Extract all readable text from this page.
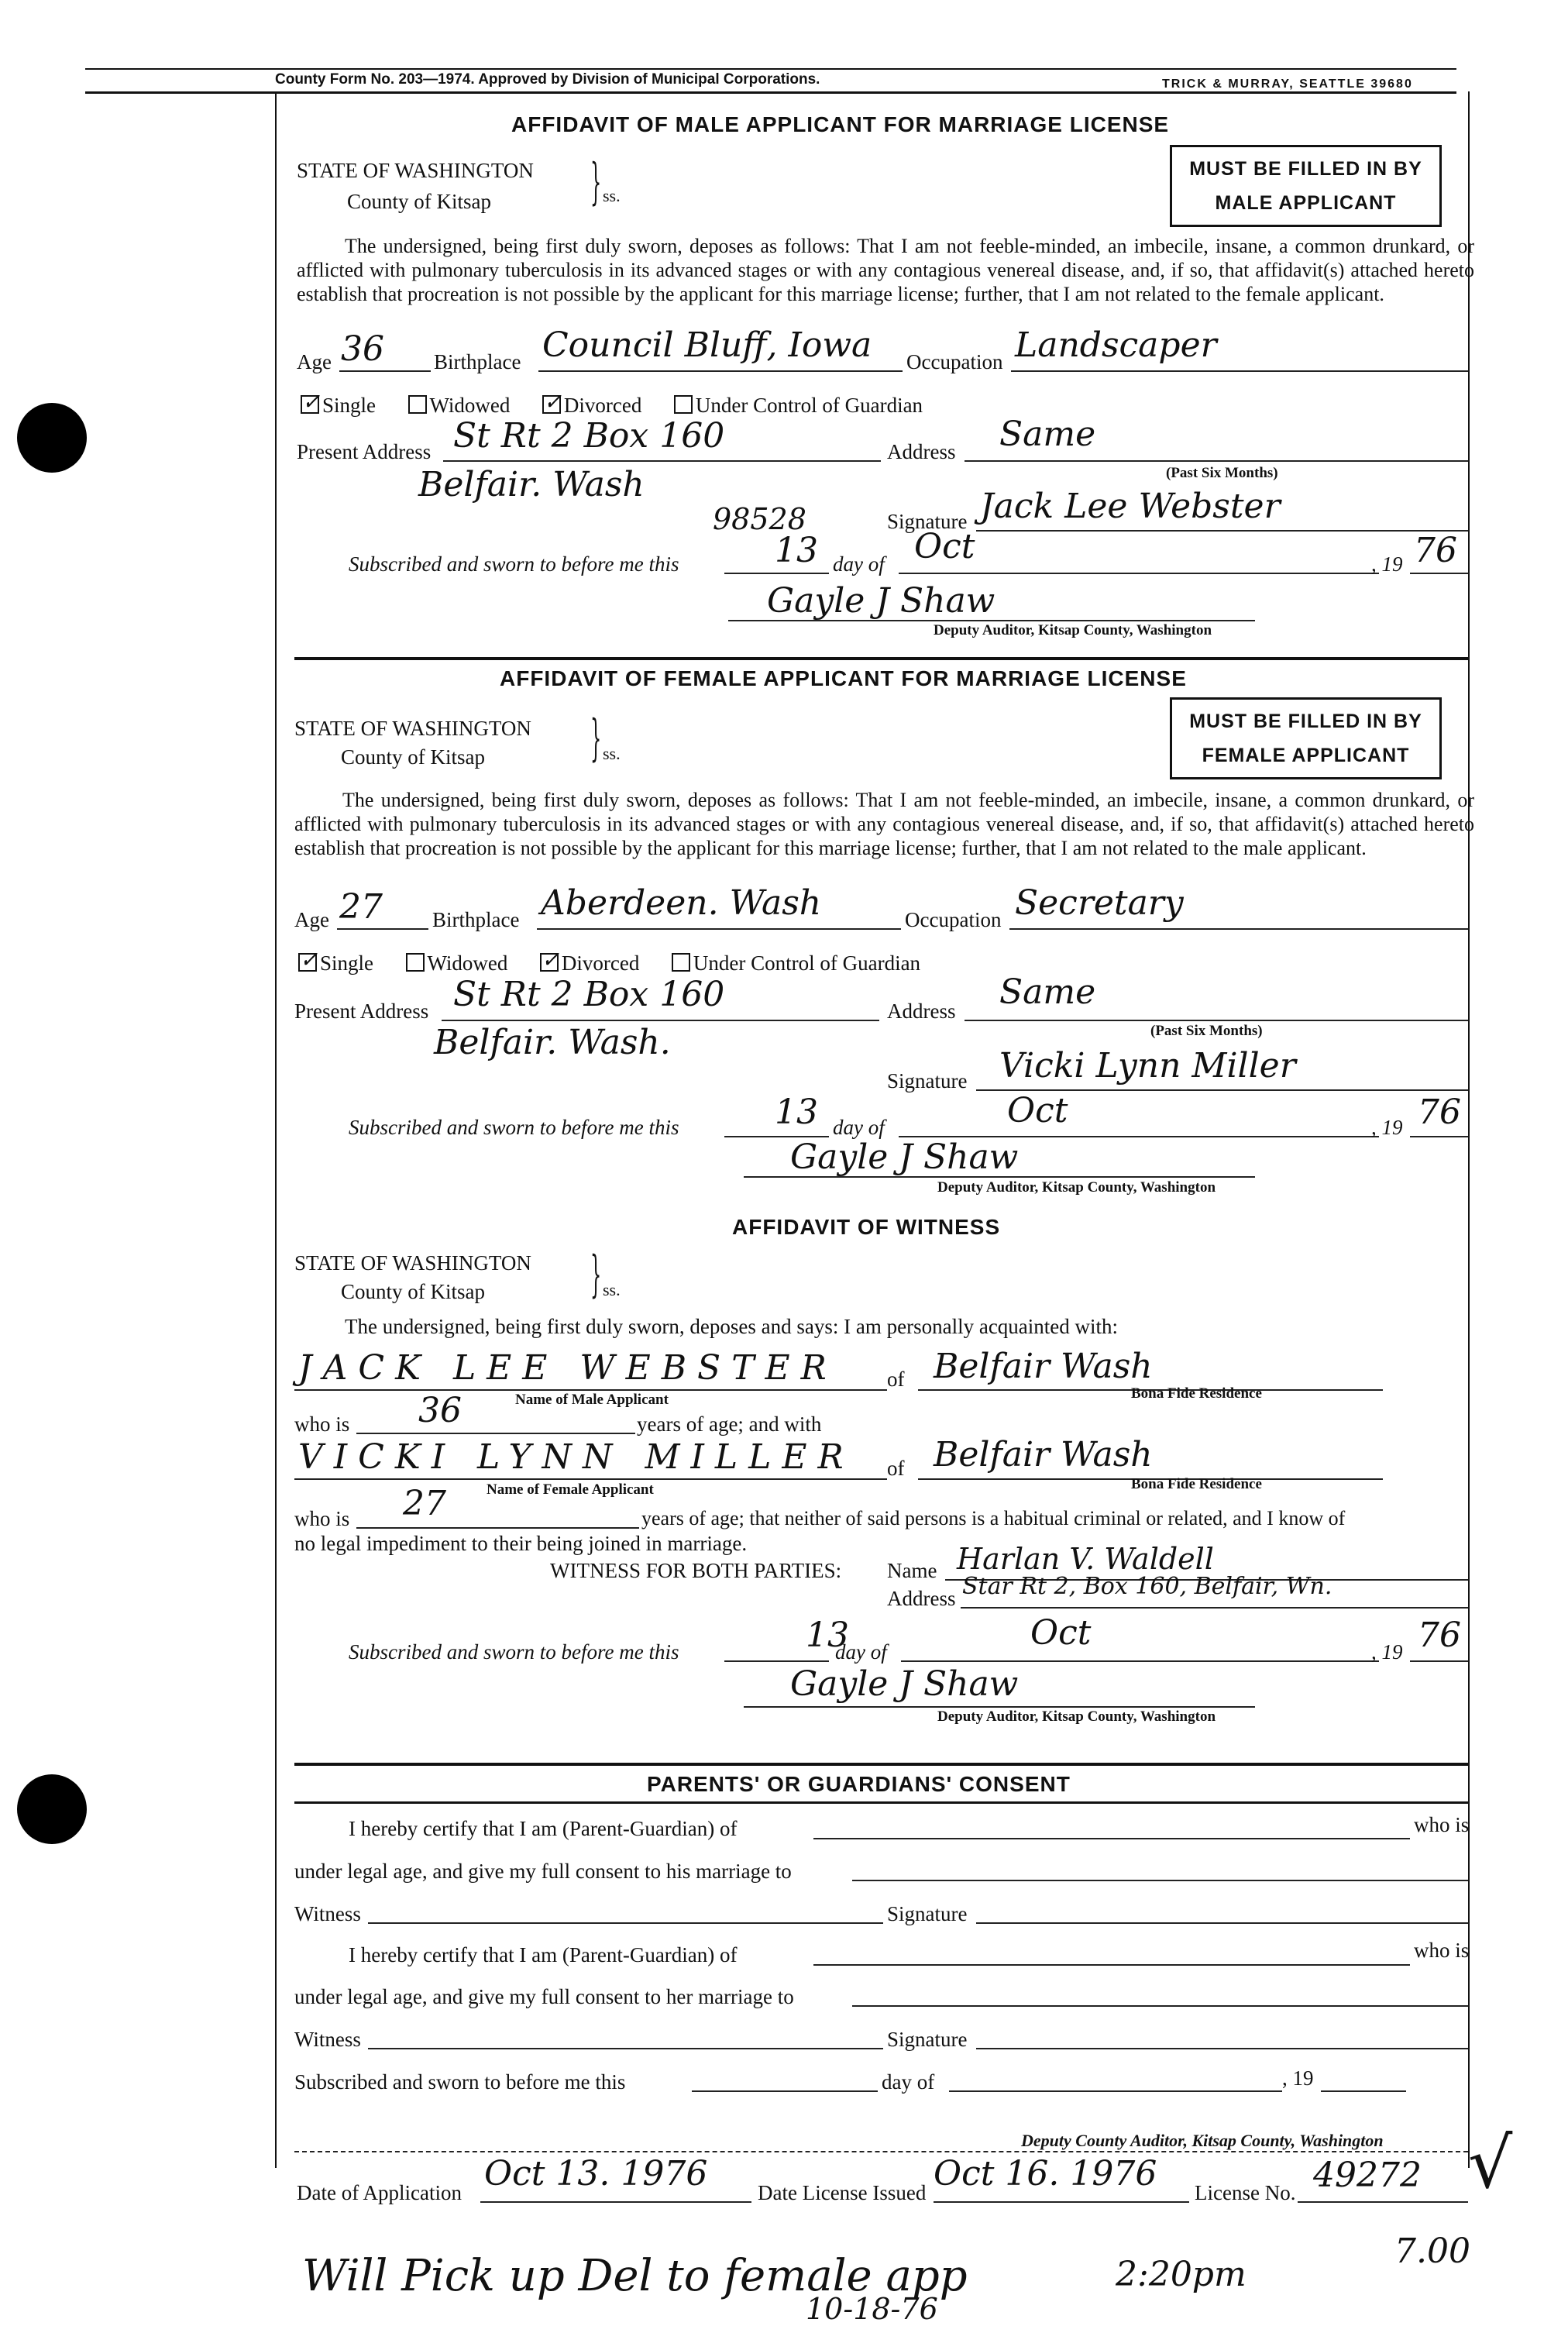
County Form No. 203—1974. Approved by Division of Municipal Corporations.	TRICK & MURRAY, SEATTLE 39680
AFFIDAVIT OF MALE APPLICANT FOR MARRIAGE LICENSE
STATE OF WASHINGTON
County of Kitsap } ss.
MUST BE FILLED IN BY
MALE APPLICANT
The undersigned, being first duly sworn, deposes as follows: That I am not feeble-minded, an imbecile, insane, a common drunkard, or afflicted with pulmonary tuberculosis in its advanced stages or with any contagious venereal disease, and, if so, that affidavit(s) attached hereto establish that procreation is not possible by the applicant for this marriage license; further, that I am not related to the female applicant.
Age 36 Birthplace Council Bluff, Iowa Occupation Landscaper
✓Single	Widowed ✓	Divorced	Under Control of Guardian
Present Address St Rt 2 Box 160	Address Same
(Past Six Months)
Belfair. Wash
98528	Signature Jack Lee Webster
Subscribed and sworn to before me this	13 day of Oct	, 19 76
Gayle J Shaw
Deputy Auditor, Kitsap County, Washington
AFFIDAVIT OF FEMALE APPLICANT FOR MARRIAGE LICENSE
STATE OF WASHINGTON
County of Kitsap } ss.
MUST BE FILLED IN BY
FEMALE APPLICANT
The undersigned, being first duly sworn, deposes as follows: That I am not feeble-minded, an imbecile, insane, a common drunkard, or afflicted with pulmonary tuberculosis in its advanced stages or with any contagious venereal disease, and, if so, that affidavit(s) attached hereto establish that procreation is not possible by the applicant for this marriage license; further, that I am not related to the male applicant.
Age 27 Birthplace Aberdeen. Wash	Occupation Secretary
✓Single	Widowed ✓	Divorced	Under Control of Guardian
Present Address St Rt 2 Box 160	Address Same
(Past Six Months)
Belfair. Wash.
Signature Vicki Lynn Miller
Subscribed and sworn to before me this	13 day of	Oct	, 19 76
Gayle J Shaw
Deputy Auditor, Kitsap County, Washington
AFFIDAVIT OF WITNESS
STATE OF WASHINGTON
County of Kitsap } ss.
The undersigned, being first duly sworn, deposes and says: I am personally acquainted with:
JACK LEE WEBSTER of Belfair Wash
Name of Male Applicant	Bona Fide Residence
who is 36	years of age; and with
VICKI LYNN MILLER of Belfair Wash
Name of Female Applicant	Bona Fide Residence
who is 27	years of age; that neither of said persons is a habitual criminal or related, and I know of
no legal impediment to their being joined in marriage.
WITNESS FOR BOTH PARTIES: Name Harlan V. Waldell
Address Star Rt 2, Box 160, Belfair, Wn.
Subscribed and sworn to before me this	13
day of	Oct	, 19 76
Gayle J Shaw
Deputy Auditor, Kitsap County, Washington
PARENTS' OR GUARDIANS' CONSENT
I hereby certify that I am (Parent-Guardian) of	who is
under legal age, and give my full consent to his marriage to
Witness	Signature
I hereby certify that I am (Parent-Guardian) of	who is
under legal age, and give my full consent to her marriage to
Witness	Signature
Subscribed and sworn to before me this	day of	, 19
Deputy County Auditor, Kitsap County, Washington
Date of Application Oct 13. 1976 Date License Issued Oct 16. 1976 License No. 49272 √
7.00
Will Pick up Del to female app	2:20pm
10-18-76
